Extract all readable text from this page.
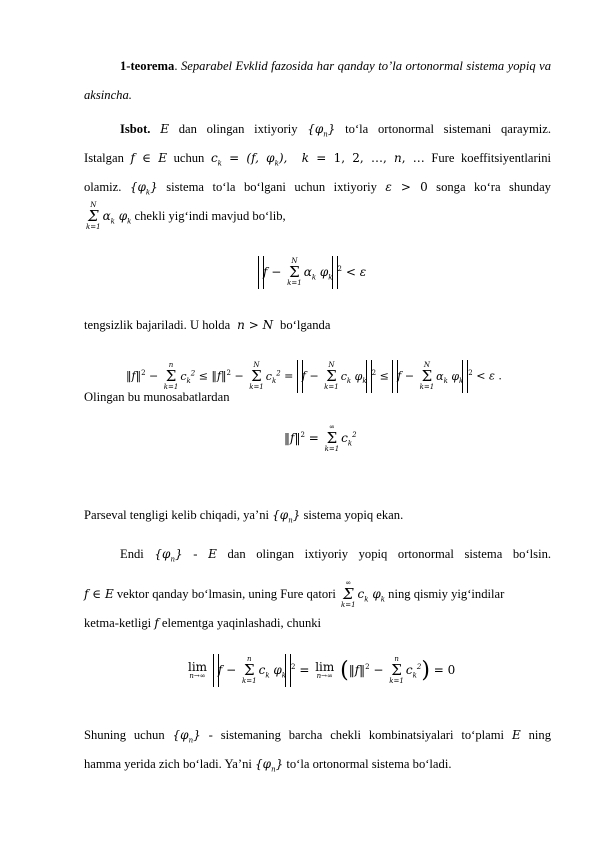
1-teorema. Separabel Evklid fazosida har qanday to’la ortonormal sistema yopiq va aksincha.

Isbot. E dan olingan ixtiyoriy $\{\varphi_n\}$ to‘la ortonormal sistemani qaraymiz.

Istalgan f ∈ E uchun $c_k = (f$, $\varphi_k$),  k = 1, 2, …, n, … Fure koeffitsiyentlarini

olamiz. $\{\varphi_k\}$ sistema to‘la bo‘lgani uchun ixtiyoriy ε > 0 songa ko‘ra shunday

N
Σ
k=1
$\alpha_k$ $\varphi_k$ chekli yig‘indi mavjud bo‘lib,

f −
N
Σ
k=1
$\alpha_k$ $\varphi_k^2 < \varepsilon$

tengsizlik bajariladi. U holda  n > N  bo‘lganda

‖f‖$^2$ −
n
Σ
k=1
$c_k^2$ ≤ ‖f‖$^2$ −
N
Σ
k=1
$c_k^2 = f$ −
N
Σ
k=1
$c_k$ $\varphi_k^2 \le f$ −
N
Σ
k=1
$\alpha_k$ $\varphi_k^2 < \varepsilon$ .

Olingan bu munosabatlardan

‖f‖$^2$ =
∞
Σ
k=1
$c_k^2$

Parseval tengligi kelib chiqadi, ya’ni $\{\varphi_n\}$ sistema yopiq ekan.

Endi $\{\varphi_n\}$ - E dan olingan ixtiyoriy yopiq ortonormal sistema bo‘lsin.

f ∈ E vektor qanday bo‘lmasin, uning Fure qatori
∞
Σ
k=1
$c_k$ $\varphi_k$ ning qismiy yig‘indilar

ketma-ketligi f elementga yaqinlashadi, chunki

lim
n→∞ f −
n
Σ
k=1
$c_k$ $\varphi_k^2 = \lim$
n→∞ (‖f‖$^2$ −
n
Σ
k=1
$c_k^2) = 0$

Shuning uchun $\{\varphi_n\}$ - sistemaning barcha chekli kombinatsiyalari to‘plami E ning

hamma yerida zich bo‘ladi. Ya’ni $\{\varphi_n\}$ to‘la ortonormal sistema bo‘ladi.
